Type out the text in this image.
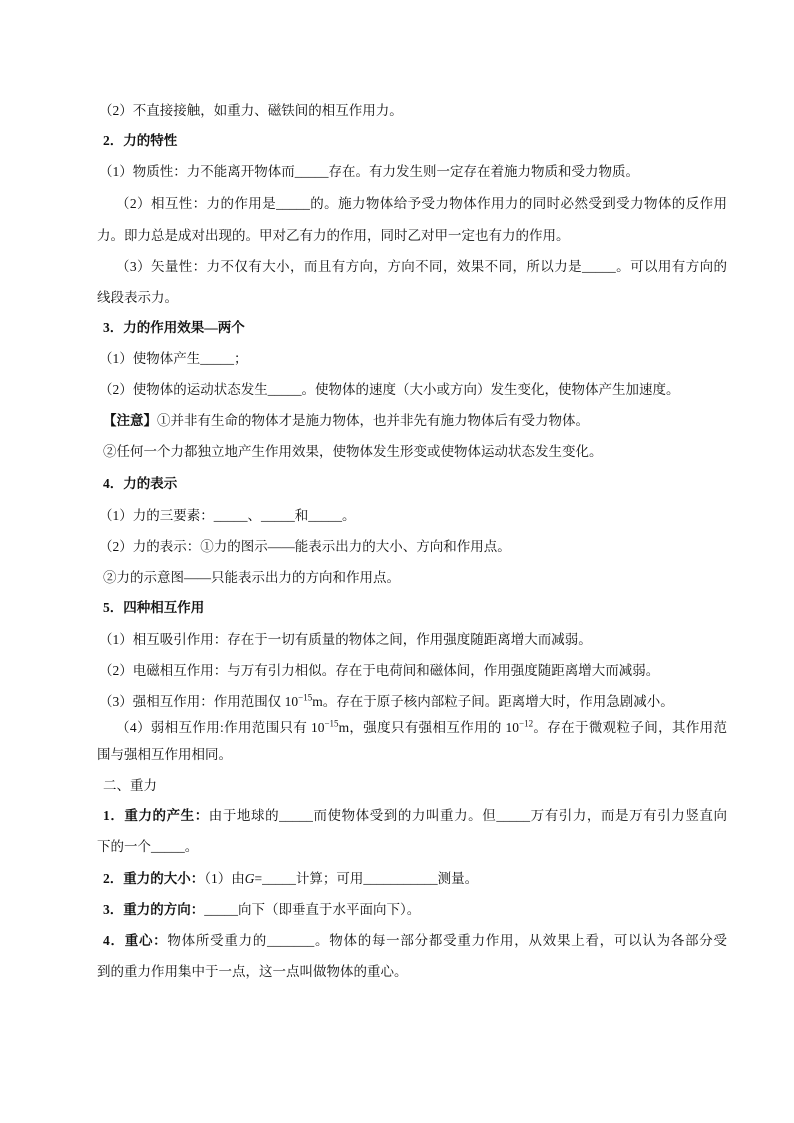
（2）不直接接触，如重力、磁铁间的相互作用力。
2．力的特性
（1）物质性：力不能离开物体而_____存在。有力发生则一定存在着施力物质和受力物质。
（2）相互性：力的作用是_____的。施力物体给予受力物体作用力的同时必然受到受力物体的反作用
力。即力总是成对出现的。甲对乙有力的作用，同时乙对甲一定也有力的作用。
（3）矢量性：力不仅有大小，而且有方向，方向不同，效果不同，所以力是_____。可以用有方向的
线段表示力。
3．力的作用效果—两个
（1）使物体产生_____；
（2）使物体的运动状态发生_____。使物体的速度（大小或方向）发生变化，使物体产生加速度。
【注意】①并非有生命的物体才是施力物体，也并非先有施力物体后有受力物体。
②任何一个力都独立地产生作用效果，使物体发生形变或使物体运动状态发生变化。
4．力的表示
（1）力的三要素：_____、_____和_____。
（2）力的表示：①力的图示——能表示出力的大小、方向和作用点。
②力的示意图——只能表示出力的方向和作用点。
5．四种相互作用
（1）相互吸引作用：存在于一切有质量的物体之间，作用强度随距离增大而减弱。
（2）电磁相互作用：与万有引力相似。存在于电荷间和磁体间，作用强度随距离增大而减弱。
（3）强相互作用：作用范围仅 $10^{-15}m$。存在于原子核内部粒子间。距离增大时，作用急剧减小。
（4）弱相互作用:作用范围只有 $10^{-15}m$，强度只有强相互作用的 $10^{-12}$。存在于微观粒子间，其作用范
围与强相互作用相同。
二、重力
1．重力的产生：由于地球的_____而使物体受到的力叫重力。但_____万有引力，而是万有引力竖直向
下的一个_____。
2．重力的大小：（1）由G=_____计算；可用___________测量。
3．重力的方向：_____向下（即垂直于水平面向下）。
4．重心：物体所受重力的_______。物体的每一部分都受重力作用，从效果上看，可以认为各部分受
到的重力作用集中于一点，这一点叫做物体的重心。
